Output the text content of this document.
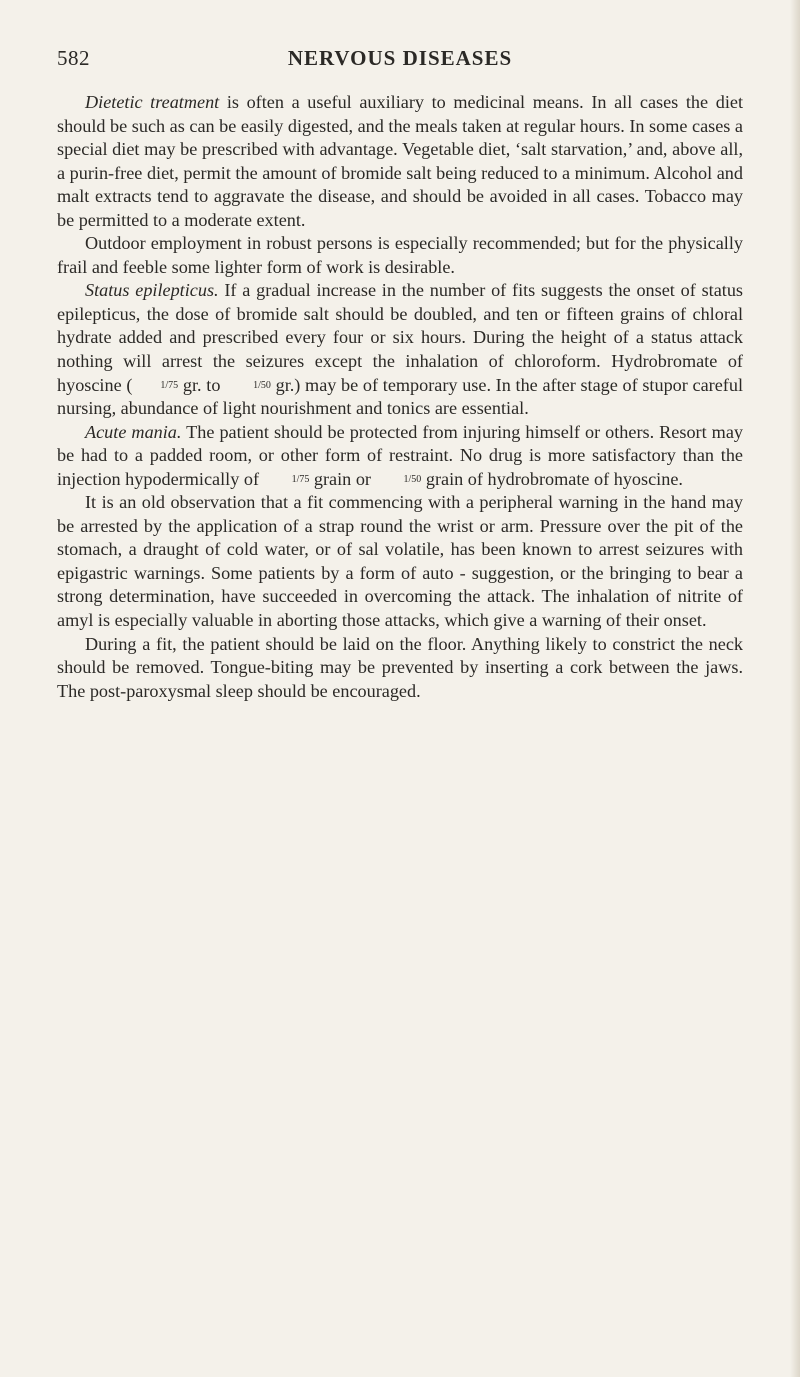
582	NERVOUS DISEASES

Dietetic treatment is often a useful auxiliary to medicinal means. In all cases the diet should be such as can be easily digested, and the meals taken at regular hours. In some cases a special diet may be prescribed with advantage. Vegetable diet, ‘salt starvation,’ and, above all, a purin-free diet, permit the amount of bromide salt being reduced to a minimum. Alcohol and malt extracts tend to aggravate the disease, and should be avoided in all cases. Tobacco may be permitted to a moderate extent.

Outdoor employment in robust persons is especially recommended; but for the physically frail and feeble some lighter form of work is desirable.

Status epilepticus. If a gradual increase in the number of fits suggests the onset of status epilepticus, the dose of bromide salt should be doubled, and ten or fifteen grains of chloral hydrate added and prescribed every four or six hours. During the height of a status attack nothing will arrest the seizures except the inhalation of chloroform. Hydrobromate of hyoscine (	1/75 gr. to	1/50 gr.) may be of temporary use. In the after stage of stupor careful nursing, abundance of light nourishment and tonics are essential.

Acute mania. The patient should be protected from injuring himself or others. Resort may be had to a padded room, or other form of restraint. No drug is more satisfactory than the injection hypodermically of	1/75 grain or	1/50 grain of hydrobromate of hyoscine.

It is an old observation that a fit commencing with a peripheral warning in the hand may be arrested by the application of a strap round the wrist or arm. Pressure over the pit of the stomach, a draught of cold water, or of sal volatile, has been known to arrest seizures with epigastric warnings. Some patients by a form of auto - suggestion, or the bringing to bear a strong determination, have succeeded in overcoming the attack. The inhalation of nitrite of amyl is especially valuable in aborting those attacks, which give a warning of their onset.

During a fit, the patient should be laid on the floor. Anything likely to constrict the neck should be removed. Tongue-biting may be prevented by inserting a cork between the jaws. The post-paroxysmal sleep should be encouraged.
